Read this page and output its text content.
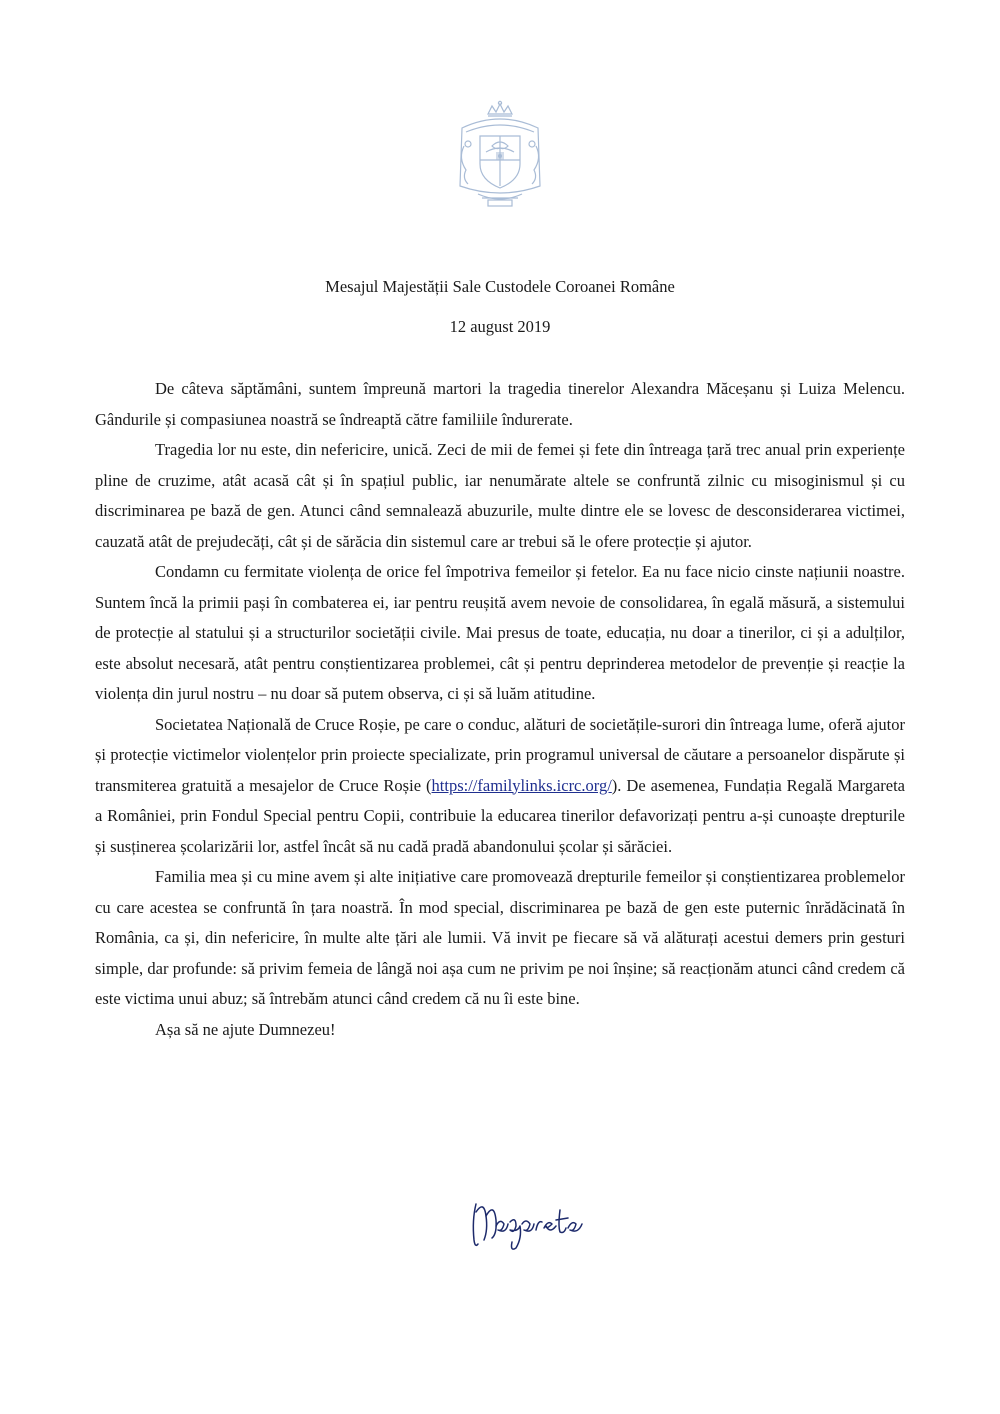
Mesajul Majestății Sale Custodele Coroanei Române
12 august 2019

De câteva săptămâni, suntem împreună martori la tragedia tinerelor Alexandra Măceșanu și Luiza Melencu. Gândurile și compasiunea noastră se îndreaptă către familiile îndurerate.

Tragedia lor nu este, din nefericire, unică. Zeci de mii de femei și fete din întreaga țară trec anual prin experiențe pline de cruzime, atât acasă cât și în spațiul public, iar nenumărate altele se confruntă zilnic cu misoginismul și cu discriminarea pe bază de gen. Atunci când semnalează abuzurile, multe dintre ele se lovesc de desconsiderarea victimei, cauzată atât de prejudecăți, cât și de sărăcia din sistemul care ar trebui să le ofere protecție și ajutor.

Condamn cu fermitate violența de orice fel împotriva femeilor și fetelor. Ea nu face nicio cinste națiunii noastre. Suntem încă la primii pași în combaterea ei, iar pentru reușită avem nevoie de consolidarea, în egală măsură, a sistemului de protecție al statului și a structurilor societății civile. Mai presus de toate, educația, nu doar a tinerilor, ci și a adulților, este absolut necesară, atât pentru conștientizarea problemei, cât și pentru deprinderea metodelor de prevenție și reacție la violența din jurul nostru – nu doar să putem observa, ci și să luăm atitudine.

Societatea Națională de Cruce Roșie, pe care o conduc, alături de societățile-surori din întreaga lume, oferă ajutor și protecție victimelor violențelor prin proiecte specializate, prin programul universal de căutare a persoanelor dispărute și transmiterea gratuită a mesajelor de Cruce Roșie (https://familylinks.icrc.org/). De asemenea, Fundația Regală Margareta a României, prin Fondul Special pentru Copii, contribuie la educarea tinerilor defavorizați pentru a-și cunoaște drepturile și susținerea școlarizării lor, astfel încât să nu cadă pradă abandonului școlar și sărăciei.

Familia mea și cu mine avem și alte inițiative care promovează drepturile femeilor și conștientizarea problemelor cu care acestea se confruntă în țara noastră. În mod special, discriminarea pe bază de gen este puternic înrădăcinată în România, ca și, din nefericire, în multe alte țări ale lumii. Vă invit pe fiecare să vă alăturați acestui demers prin gesturi simple, dar profunde: să privim femeia de lângă noi așa cum ne privim pe noi înșine; să reacționăm atunci când credem că este victima unui abuz; să întrebăm atunci când credem că nu îi este bine.

Așa să ne ajute Dumnezeu!
